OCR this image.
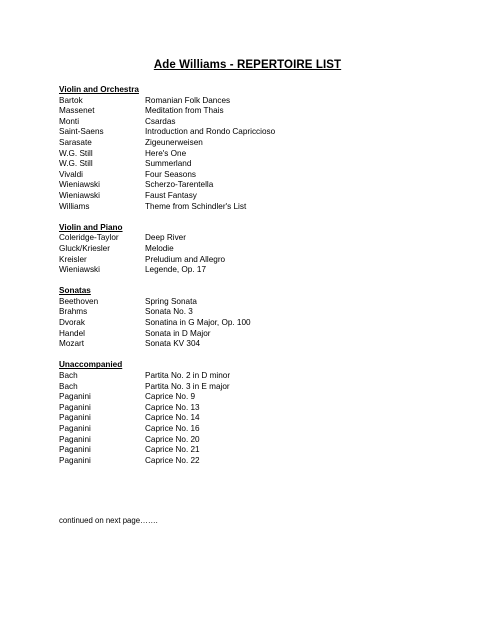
Ade Williams - REPERTOIRE LIST
Violin and Orchestra
Bartok	Romanian Folk Dances
Massenet	Meditation from Thais
Monti	Csardas
Saint-Saens	Introduction and Rondo Capriccioso
Sarasate	Zigeunerweisen
W.G. Still	Here's One
W.G. Still	Summerland
Vivaldi	Four Seasons
Wieniawski	Scherzo-Tarentella
Wieniawski	Faust Fantasy
Williams	Theme from Schindler's List
Violin and Piano
Coleridge-Taylor	Deep River
Gluck/Kriesler	Melodie
Kreisler	Preludium and Allegro
Wieniawski	Legende, Op. 17
Sonatas
Beethoven	Spring Sonata
Brahms	Sonata No. 3
Dvorak	Sonatina in G Major, Op. 100
Handel	Sonata in D Major
Mozart	Sonata KV 304
Unaccompanied
Bach	Partita No. 2 in D minor
Bach	Partita No. 3 in E major
Paganini	Caprice No. 9
Paganini	Caprice No. 13
Paganini	Caprice No. 14
Paganini	Caprice No. 16
Paganini	Caprice No. 20
Paganini	Caprice No. 21
Paganini	Caprice No. 22
continued on next page…….
